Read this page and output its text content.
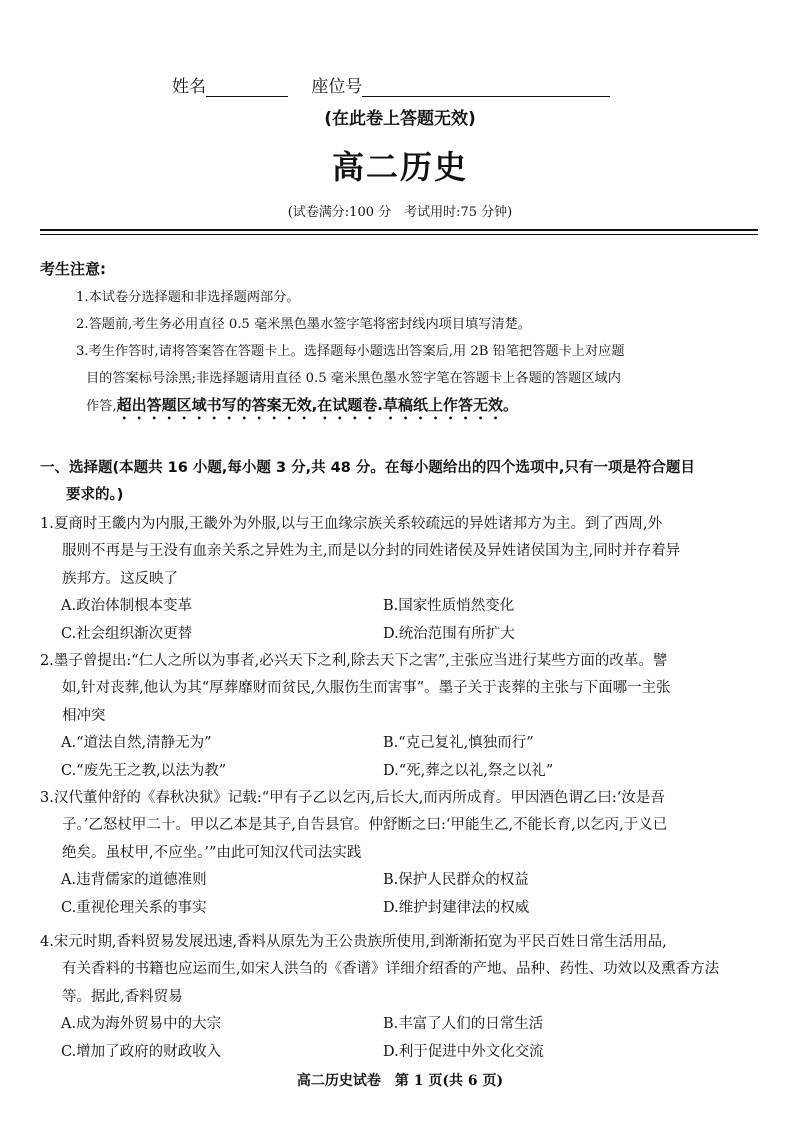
姓名	座位号
(在此卷上答题无效)
高二历史
(试卷满分:100 分　考试用时:75 分钟)
考生注意:
1.本试卷分选择题和非选择题两部分。
2.答题前,考生务必用直径 0.5 毫米黑色墨水签字笔将密封线内项目填写清楚。
3.考生作答时,请将答案答在答题卡上。选择题每小题选出答案后,用 2B 铅笔把答题卡上对应题
目的答案标号涂黑;非选择题请用直径 0.5 毫米黑色墨水签字笔在答题卡上各题的答题区域内
作答,超出答题区域书写的答案无效,在试题卷.草稿纸上作答无效。
一、选择题(本题共 16 小题,每小题 3 分,共 48 分。在每小题给出的四个选项中,只有一项是符合题目
要求的。)
1.夏商时王畿内为内服,王畿外为外服,以与王血缘宗族关系较疏远的异姓诸邦方为主。到了西周,外
服则不再是与王没有血亲关系之异姓为主,而是以分封的同姓诸侯及异姓诸侯国为主,同时并存着异
族邦方。这反映了
A.政治体制根本变革	B.国家性质悄然变化
C.社会组织渐次更替	D.统治范围有所扩大
2.墨子曾提出:“仁人之所以为事者,必兴天下之利,除去天下之害”,主张应当进行某些方面的改革。譬
如,针对丧葬,他认为其“厚葬靡财而贫民,久服伤生而害事”。墨子关于丧葬的主张与下面哪一主张
相冲突
A.“道法自然,清静无为”	B.“克己复礼,慎独而行”
C.“废先王之教,以法为教”	D.“死,葬之以礼,祭之以礼”
3.汉代董仲舒的《春秋决狱》记载:“甲有子乙以乞丙,后长大,而丙所成育。甲因酒色谓乙曰:‘汝是吾
子。’乙怒杖甲二十。甲以乙本是其子,自告县官。仲舒断之曰:‘甲能生乙,不能长育,以乞丙,于义已
绝矣。虽杖甲,不应坐。’”由此可知汉代司法实践
A.违背儒家的道德准则	B.保护人民群众的权益
C.重视伦理关系的事实	D.维护封建律法的权威
4.宋元时期,香料贸易发展迅速,香料从原先为王公贵族所使用,到渐渐拓宽为平民百姓日常生活用品,
有关香料的书籍也应运而生,如宋人洪刍的《香谱》详细介绍香的产地、品种、药性、功效以及熏香方法
等。据此,香料贸易
A.成为海外贸易中的大宗	B.丰富了人们的日常生活
C.增加了政府的财政收入	D.利于促进中外文化交流
高二历史试卷　第 1 页(共 6 页)
